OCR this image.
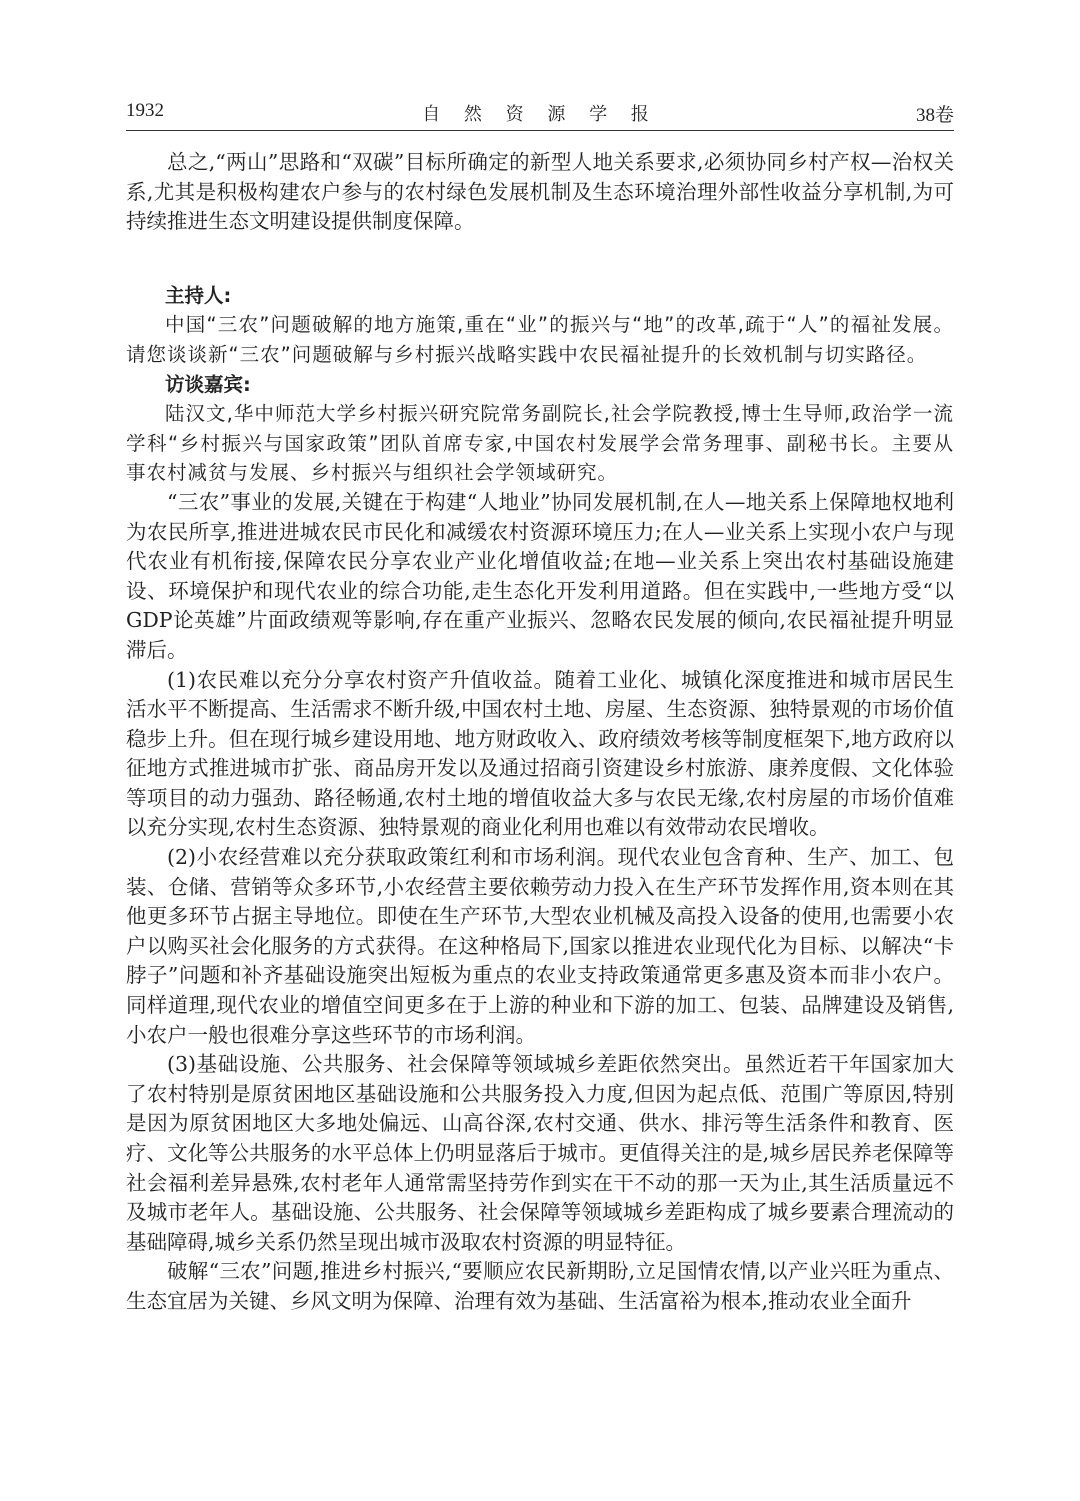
1932	自 然 资 源 学 报	38卷

总之,“两山”思路和“双碳”目标所确定的新型人地关系要求,必须协同乡村产权—治权关系,尤其是积极构建农户参与的农村绿色发展机制及生态环境治理外部性收益分享机制,为可持续推进生态文明建设提供制度保障。

主持人:

中国“三农”问题破解的地方施策,重在“业”的振兴与“地”的改革,疏于“人”的福祉发展。请您谈谈新“三农”问题破解与乡村振兴战略实践中农民福祉提升的长效机制与切实路径。

访谈嘉宾:

陆汉文,华中师范大学乡村振兴研究院常务副院长,社会学院教授,博士生导师,政治学一流学科“乡村振兴与国家政策”团队首席专家,中国农村发展学会常务理事、副秘书长。主要从事农村减贫与发展、乡村振兴与组织社会学领域研究。

“三农”事业的发展,关键在于构建“人地业”协同发展机制,在人—地关系上保障地权地利为农民所享,推进进城农民市民化和减缓农村资源环境压力;在人—业关系上实现小农户与现代农业有机衔接,保障农民分享农业产业化增值收益;在地—业关系上突出农村基础设施建设、环境保护和现代农业的综合功能,走生态化开发利用道路。但在实践中,一些地方受“以GDP论英雄”片面政绩观等影响,存在重产业振兴、忽略农民发展的倾向,农民福祉提升明显滞后。

(1)农民难以充分分享农村资产升值收益。随着工业化、城镇化深度推进和城市居民生活水平不断提高、生活需求不断升级,中国农村土地、房屋、生态资源、独特景观的市场价值稳步上升。但在现行城乡建设用地、地方财政收入、政府绩效考核等制度框架下,地方政府以征地方式推进城市扩张、商品房开发以及通过招商引资建设乡村旅游、康养度假、文化体验等项目的动力强劲、路径畅通,农村土地的增值收益大多与农民无缘,农村房屋的市场价值难以充分实现,农村生态资源、独特景观的商业化利用也难以有效带动农民增收。

(2)小农经营难以充分获取政策红利和市场利润。现代农业包含育种、生产、加工、包装、仓储、营销等众多环节,小农经营主要依赖劳动力投入在生产环节发挥作用,资本则在其他更多环节占据主导地位。即使在生产环节,大型农业机械及高投入设备的使用,也需要小农户以购买社会化服务的方式获得。在这种格局下,国家以推进农业现代化为目标、以解决“卡脖子”问题和补齐基础设施突出短板为重点的农业支持政策通常更多惠及资本而非小农户。同样道理,现代农业的增值空间更多在于上游的种业和下游的加工、包装、品牌建设及销售,小农户一般也很难分享这些环节的市场利润。

(3)基础设施、公共服务、社会保障等领域城乡差距依然突出。虽然近若干年国家加大了农村特别是原贫困地区基础设施和公共服务投入力度,但因为起点低、范围广等原因,特别是因为原贫困地区大多地处偏远、山高谷深,农村交通、供水、排污等生活条件和教育、医疗、文化等公共服务的水平总体上仍明显落后于城市。更值得关注的是,城乡居民养老保障等社会福利差异悬殊,农村老年人通常需坚持劳作到实在干不动的那一天为止,其生活质量远不及城市老年人。基础设施、公共服务、社会保障等领域城乡差距构成了城乡要素合理流动的基础障碍,城乡关系仍然呈现出城市汲取农村资源的明显特征。

破解“三农”问题,推进乡村振兴,“要顺应农民新期盼,立足国情农情,以产业兴旺为重点、生态宜居为关键、乡风文明为保障、治理有效为基础、生活富裕为根本,推动农业全面升
